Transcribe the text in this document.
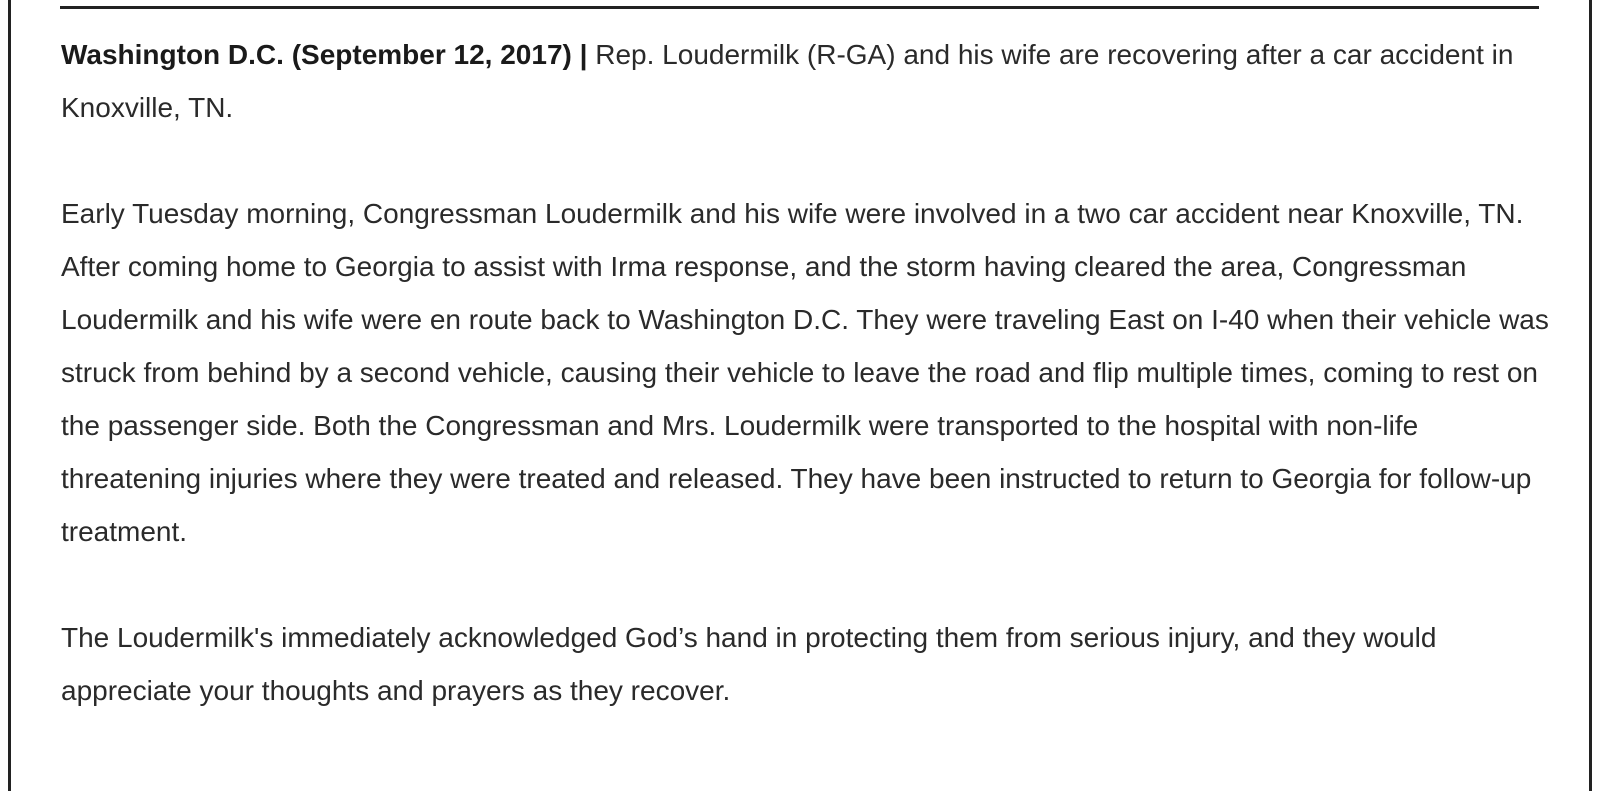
Washington D.C. (September 12, 2017) | Rep. Loudermilk (R-GA) and his wife are recovering after a car accident in Knoxville, TN.

Early Tuesday morning, Congressman Loudermilk and his wife were involved in a two car accident near Knoxville, TN. After coming home to Georgia to assist with Irma response, and the storm having cleared the area, Congressman Loudermilk and his wife were en route back to Washington D.C. They were traveling East on I-40 when their vehicle was struck from behind by a second vehicle, causing their vehicle to leave the road and flip multiple times, coming to rest on the passenger side. Both the Congressman and Mrs. Loudermilk were transported to the hospital with non-life threatening injuries where they were treated and released. They have been instructed to return to Georgia for follow-up treatment.

The Loudermilk's immediately acknowledged God’s hand in protecting them from serious injury, and they would appreciate your thoughts and prayers as they recover.
